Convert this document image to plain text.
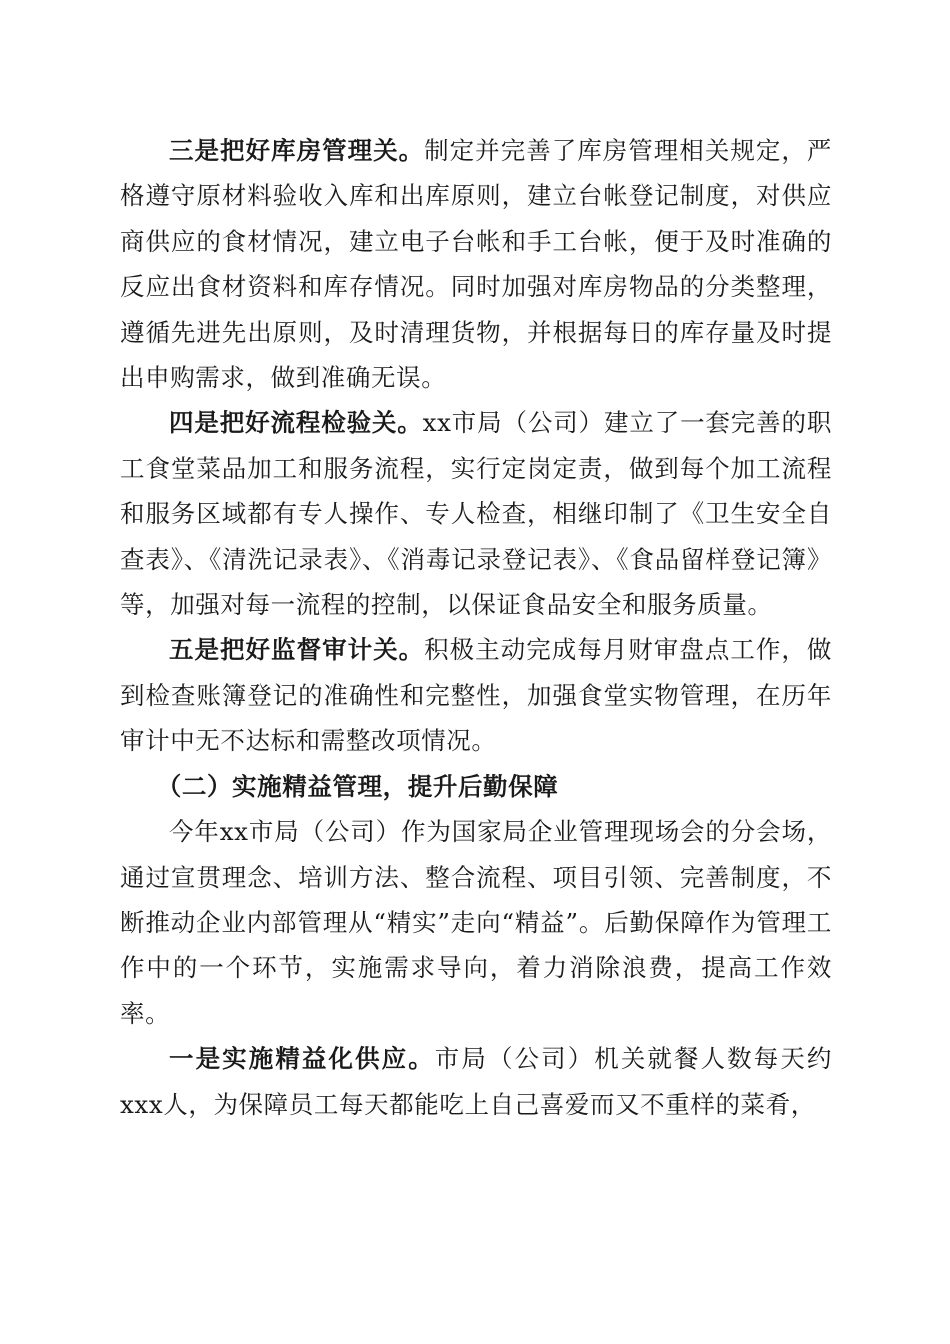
三是把好库房管理关。制定并完善了库房管理相关规定，严格遵守原材料验收入库和出库原则，建立台帐登记制度，对供应商供应的食材情况，建立电子台帐和手工台帐，便于及时准确的反应出食材资料和库存情况。同时加强对库房物品的分类整理，遵循先进先出原则，及时清理货物，并根据每日的库存量及时提出申购需求，做到准确无误。

四是把好流程检验关。xx市局（公司）建立了一套完善的职工食堂菜品加工和服务流程，实行定岗定责，做到每个加工流程和服务区域都有专人操作、专人检查，相继印制了《卫生安全自查表》、《清洗记录表》、《消毒记录登记表》、《食品留样登记簿》等，加强对每一流程的控制，以保证食品安全和服务质量。

五是把好监督审计关。积极主动完成每月财审盘点工作，做到检查账簿登记的准确性和完整性，加强食堂实物管理，在历年审计中无不达标和需整改项情况。

（二）实施精益管理，提升后勤保障

今年xx市局（公司）作为国家局企业管理现场会的分会场，通过宣贯理念、培训方法、整合流程、项目引领、完善制度，不断推动企业内部管理从“精实”走向“精益”。后勤保障作为管理工作中的一个环节，实施需求导向，着力消除浪费，提高工作效率。

一是实施精益化供应。市局（公司）机关就餐人数每天约xxx人，为保障员工每天都能吃上自己喜爱而又不重样的菜肴，
